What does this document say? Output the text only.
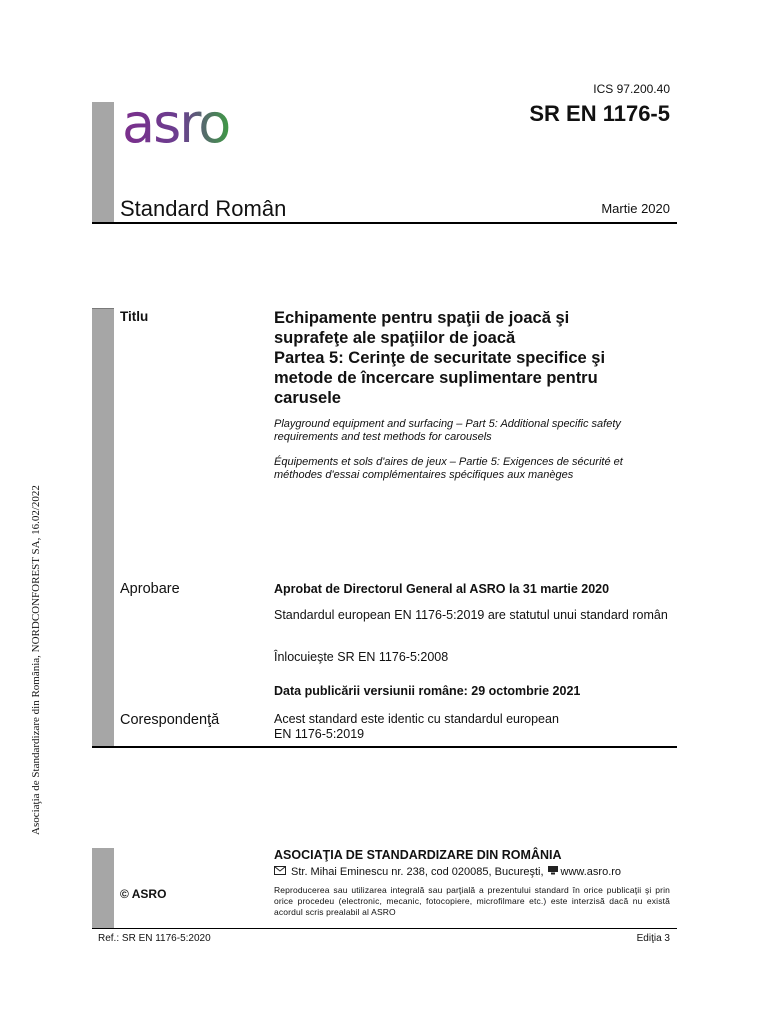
Asociaţia de Standardizare din România, NORDCONFOREST SA, 16.02/2022
asro
ICS 97.200.40
SR EN 1176-5
Standard Român	Martie 2020
Titlu	Echipamente pentru spaţii de joacă şi
suprafeţe ale spaţiilor de joacă
Partea 5: Cerinţe de securitate specifice şi
metode de încercare suplimentare pentru
carusele
Playground equipment and surfacing – Part 5: Additional specific safety requirements and test methods for carousels
Équipements et sols d'aires de jeux – Partie 5: Exigences de sécurité et méthodes d'essai complémentaires spécifiques aux manèges
Aprobare	Aprobat de Directorul General al ASRO la 31 martie 2020
Standardul european EN 1176-5:2019 are statutul unui standard român
Înlocuieşte SR EN 1176-5:2008
Data publicării versiunii române: 29 octombrie 2021
Corespondenţă	Acest standard este identic cu standardul european EN 1176-5:2019
© ASRO
ASOCIAŢIA DE STANDARDIZARE DIN ROMÂNIA
Str. Mihai Eminescu nr. 238, cod 020085, Bucureşti, www.asro.ro
Reproducerea sau utilizarea integrală sau parţială a prezentului standard în orice publicaţii şi prin orice procedeu (electronic, mecanic, fotocopiere, microfilmare etc.) este interzisă dacă nu există acordul scris prealabil al ASRO
Ref.: SR EN 1176-5:2020	Ediţia 3
